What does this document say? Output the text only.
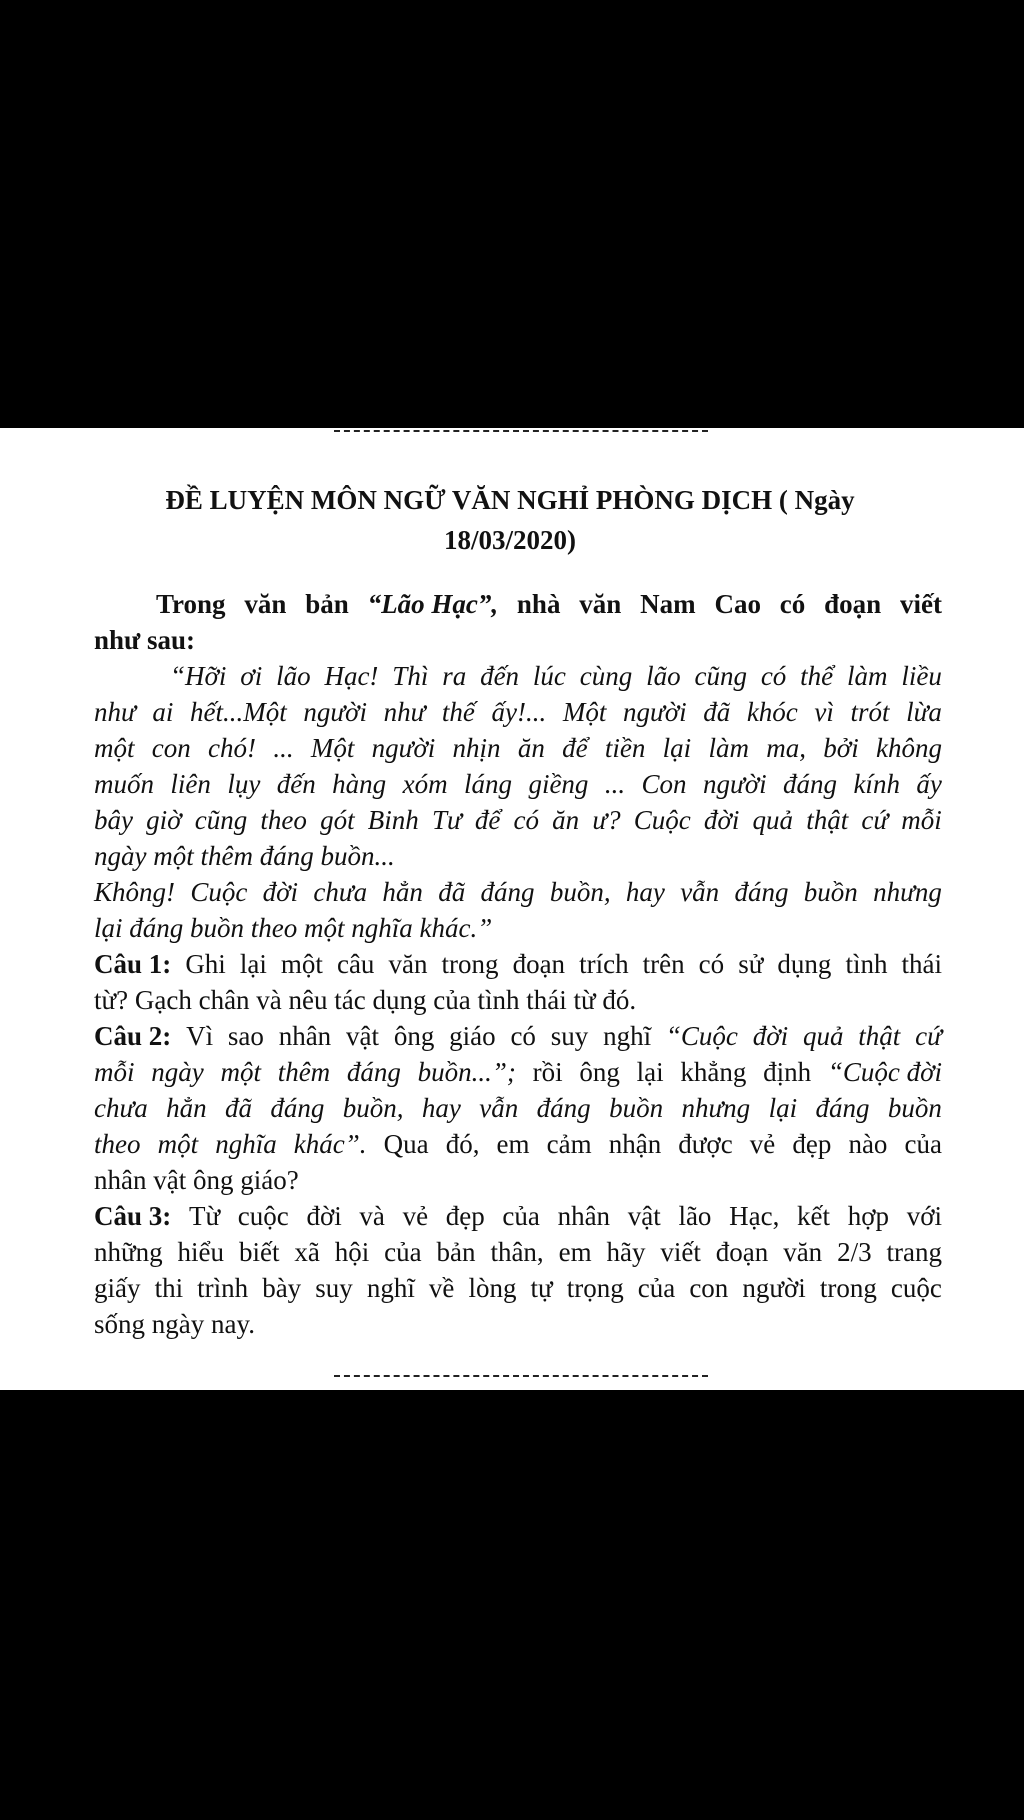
ĐỀ LUYỆN MÔN NGỮ VĂN NGHỈ PHÒNG DỊCH ( Ngày
18/03/2020)
Trong văn bản “Lão Hạc”, nhà văn Nam Cao có đoạn viết
như sau:
“Hỡi ơi lão Hạc! Thì ra đến lúc cùng lão cũng có thể làm liều
như ai hết...Một người như thế ấy!... Một người đã khóc vì trót lừa
một con chó! ... Một người nhịn ăn để tiền lại làm ma, bởi không
muốn liên lụy đến hàng xóm láng giềng ... Con người đáng kính ấy
bây giờ cũng theo gót Binh Tư để có ăn ư? Cuộc đời quả thật cứ mỗi
ngày một thêm đáng buồn...
Không! Cuộc đời chưa hẳn đã đáng buồn, hay vẫn đáng buồn nhưng
lại đáng buồn theo một nghĩa khác.”
Câu 1: Ghi lại một câu văn trong đoạn trích trên có sử dụng tình thái
từ? Gạch chân và nêu tác dụng của tình thái từ đó.
Câu 2: Vì sao nhân vật ông giáo có suy nghĩ “Cuộc đời quả thật cứ
mỗi ngày một thêm đáng buồn...”; rồi ông lại khẳng định “Cuộc đời
chưa hẳn đã đáng buồn, hay vẫn đáng buồn nhưng lại đáng buồn
theo một nghĩa khác”. Qua đó, em cảm nhận được vẻ đẹp nào của
nhân vật ông giáo?
Câu 3: Từ cuộc đời và vẻ đẹp của nhân vật lão Hạc, kết hợp với
những hiểu biết xã hội của bản thân, em hãy viết đoạn văn 2/3 trang
giấy thi trình bày suy nghĩ về lòng tự trọng của con người trong cuộc
sống ngày nay.
